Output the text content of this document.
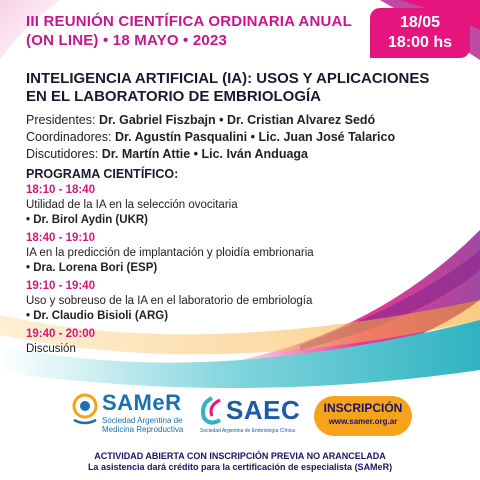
III REUNIÓN CIENTÍFICA ORDINARIA ANUAL
(ON LINE) • 18 MAYO • 2023
18/05
18:00 hs
INTELIGENCIA ARTIFICIAL (IA): USOS Y APLICACIONES
EN EL LABORATORIO DE EMBRIOLOGÍA
Presidentes: Dr. Gabriel Fiszbajn • Dr. Cristian Alvarez Sedó
Coordinadores: Dr. Agustín Pasqualini • Lic. Juan José Talarico
Discutidores: Dr. Martín Attie • Lic. Iván Anduaga
PROGRAMA CIENTÍFICO:
18:10 - 18:40
Utilidad de la IA en la selección ovocitaria
• Dr. Birol Aydin (UKR)
18:40 - 19:10
IA en la predicción de implantación y ploidía embrionaria
• Dra. Lorena Bori (ESP)
19:10 - 19:40
Uso y sobreuso de la IA en el laboratorio de embriología
• Dr. Claudio Bisioli (ARG)
19:40 - 20:00
Discusión
SAMeR
Sociedad Argentina de
Medicina Reproductiva
SAEC
Sociedad Argentina de Embriología Clínica
INSCRIPCIÓN
www.samer.org.ar
ACTIVIDAD ABIERTA CON INSCRIPCIÓN PREVIA NO ARANCELADA
La asistencia dará crédito para la certificación de especialista (SAMeR)
